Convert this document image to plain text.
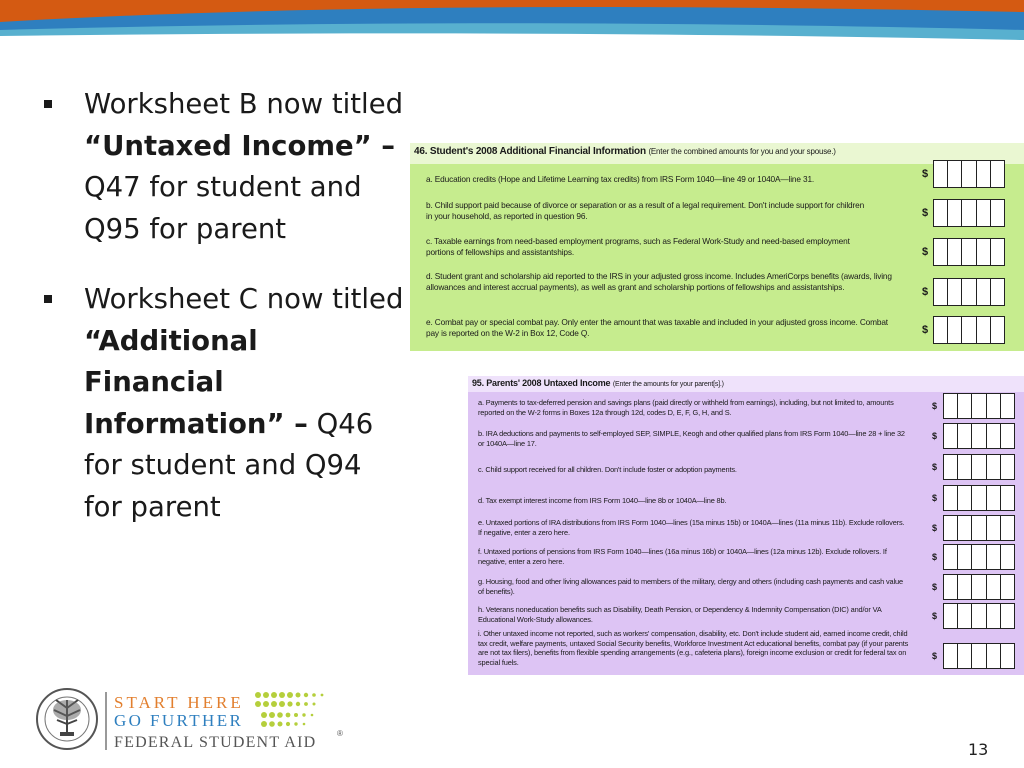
Worksheet B now titled “Untaxed Income” – Q47 for student and Q95 for parent
Worksheet C now titled “Additional Financial Information” – Q46 for student and Q94 for parent
46. Student's 2008 Additional Financial Information (Enter the combined amounts for you and your spouse.)
a. Education credits (Hope and Lifetime Learning tax credits) from IRS Form 1040—line 49 or 1040A—line 31.
b. Child support paid because of divorce or separation or as a result of a legal requirement. Don't include support for children in your household, as reported in question 96.
c. Taxable earnings from need-based employment programs, such as Federal Work-Study and need-based employment portions of fellowships and assistantships.
d. Student grant and scholarship aid reported to the IRS in your adjusted gross income. Includes AmeriCorps benefits (awards, living allowances and interest accrual payments), as well as grant and scholarship portions of fellowships and assistantships.
e. Combat pay or special combat pay. Only enter the amount that was taxable and included in your adjusted gross income. Combat pay is reported on the W-2 in Box 12, Code Q.
$
$
$
$
$
95. Parents' 2008 Untaxed Income (Enter the amounts for your parent[s].)
a. Payments to tax-deferred pension and savings plans (paid directly or withheld from earnings), including, but not limited to, amounts reported on the W-2 forms in Boxes 12a through 12d, codes D, E, F, G, H, and S.
b. IRA deductions and payments to self-employed SEP, SIMPLE, Keogh and other qualified plans from IRS Form 1040—line 28 + line 32 or 1040A—line 17.
c. Child support received for all children. Don't include foster or adoption payments.
d. Tax exempt interest income from IRS Form 1040—line 8b or 1040A—line 8b.
e. Untaxed portions of IRA distributions from IRS Form 1040—lines (15a minus 15b) or 1040A—lines (11a minus 11b). Exclude rollovers. If negative, enter a zero here.
f. Untaxed portions of pensions from IRS Form 1040—lines (16a minus 16b) or 1040A—lines (12a minus 12b). Exclude rollovers. If negative, enter a zero here.
g. Housing, food and other living allowances paid to members of the military, clergy and others (including cash payments and cash value of benefits).
h. Veterans noneducation benefits such as Disability, Death Pension, or Dependency & Indemnity Compensation (DIC) and/or VA Educational Work-Study allowances.
i. Other untaxed income not reported, such as workers' compensation, disability, etc. Don't include student aid, earned income credit, child tax credit, welfare payments, untaxed Social Security benefits, Workforce Investment Act educational benefits, combat pay (if your parents are not tax filers), benefits from flexible spending arrangements (e.g., cafeteria plans), foreign income exclusion or credit for federal tax on special fuels.
$
$
$
$
$
$
$
$
$
START HERE
GO FURTHER
FEDERAL STUDENT AID
®
13
